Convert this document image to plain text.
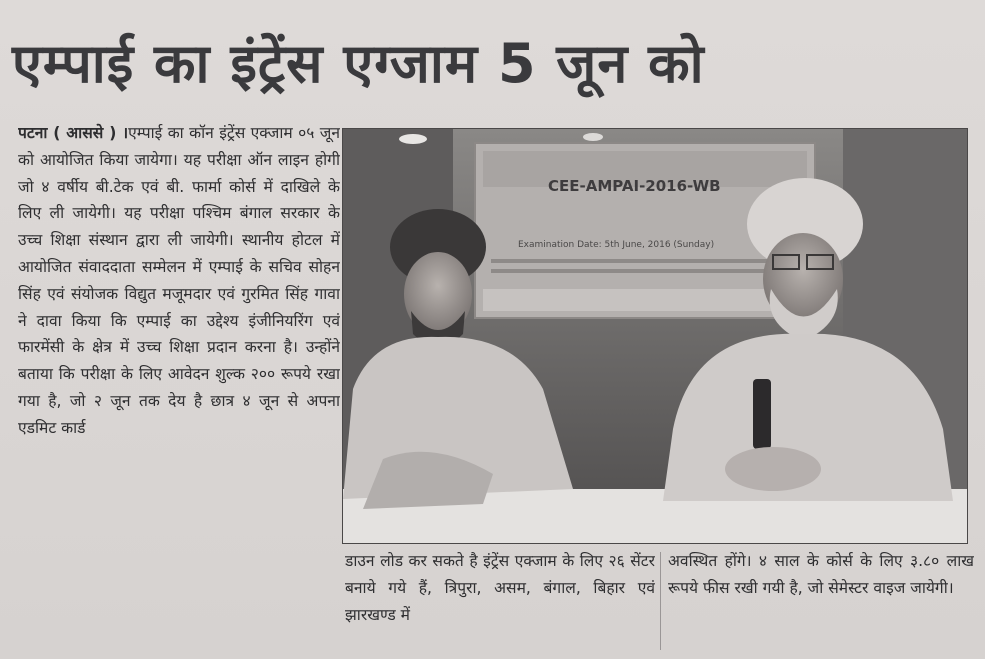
एम्पाई का इंट्रेंस एग्जाम 5 जून को
पटना ( आससे ) ।एम्पाई का कॉन इंट्रेंस एक्जाम ०५ जून को आयोजित किया जायेगा। यह परीक्षा ऑन लाइन होगी जो ४ वर्षीय बी.टेक एवं बी. फार्मा कोर्स में दाखिले के लिए ली जायेगी। यह परीक्षा पश्चिम बंगाल सरकार के उच्च शिक्षा संस्थान द्वारा ली जायेगी। स्थानीय होटल में आयोजित संवाददाता सम्मेलन में एम्पाई के सचिव सोहन सिंह एवं संयोजक विद्युत मजूमदार एवं गुरमित सिंह गावा ने दावा किया कि एम्पाई का उद्देश्य इंजीनियरिंग एवं फारमेंसी के क्षेत्र में उच्च शिक्षा प्रदान करना है। उन्होंने बताया कि परीक्षा के लिए आवेदन शुल्क २०० रूपये रखा गया है, जो २ जून तक देय है छात्र ४ जून से अपना एडमिट कार्ड
CEE-AMPAI-2016-WB
Examination Date: 5th June, 2016 (Sunday)
डाउन लोड कर सकते है इंट्रेंस एक्जाम के लिए २६ सेंटर बनाये गये हैं, त्रिपुरा, असम, बंगाल, बिहार एवं झारखण्ड में
अवस्थित होंगे। ४ साल के कोर्स के लिए ३.८० लाख रूपये फीस रखी गयी है, जो सेमेस्टर वाइज जायेगी।
